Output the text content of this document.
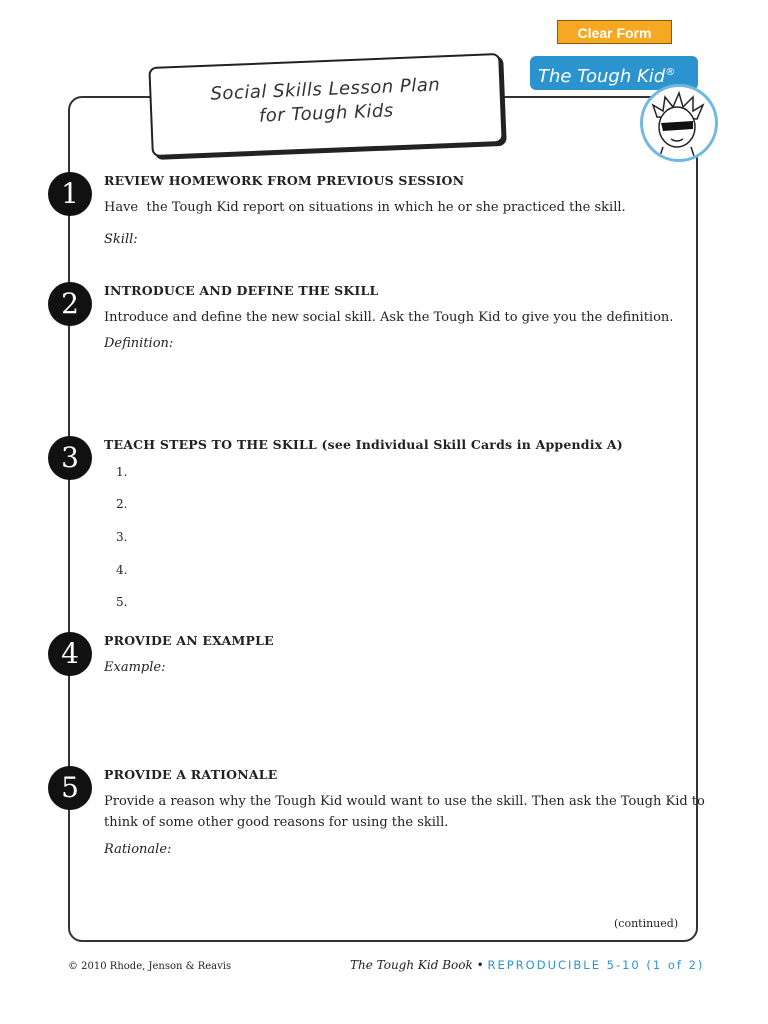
Clear Form
Social Skills Lesson Plan
for Tough Kids
The Tough Kid®
1	REVIEW HOMEWORK FROM PREVIOUS SESSION
Have  the Tough Kid report on situations in which he or she practiced the skill.
Skill:
2	INTRODUCE AND DEFINE THE SKILL
Introduce and define the new social skill. Ask the Tough Kid to give you the definition.
Definition:
3	TEACH STEPS TO THE SKILL (see Individual Skill Cards in Appendix A)
1.
2.
3.
4.
5.
4	PROVIDE AN EXAMPLE
Example:
5	PROVIDE A RATIONALE
Provide a reason why the Tough Kid would want to use the skill. Then ask the Tough Kid to
think of some other good reasons for using the skill.
Rationale:
(continued)
© 2010 Rhode, Jenson & Reavis	The Tough Kid Book • REPRODUCIBLE 5-10 (1 of 2)
